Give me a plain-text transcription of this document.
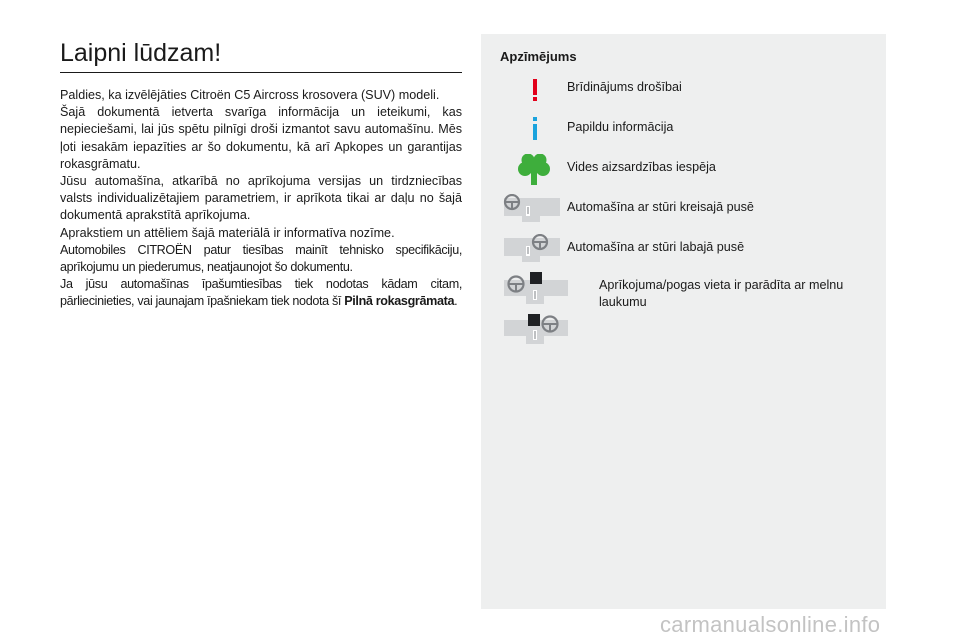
Laipni lūdzam!

Paldies, ka izvēlējāties Citroën C5 Aircross krosovera (SUV) modeli.

Šajā dokumentā ietverta svarīga informācija un ieteikumi, kas nepieciešami, lai jūs spētu pilnīgi droši izmantot savu automašīnu. Mēs ļoti iesakām iepazīties ar šo dokumentu, kā arī Apkopes un garantijas rokasgrāmatu.

Jūsu automašīna, atkarībā no aprīkojuma versijas un tirdzniecības valsts individualizētajiem parametriem, ir aprīkota tikai ar daļu no šajā dokumentā aprakstītā aprīkojuma.

Aprakstiem un attēliem šajā materiālā ir informatīva nozīme.

Automobiles CITROËN patur tiesības mainīt tehnisko specifikāciju, aprīkojumu un piederumus, neatjaunojot šo dokumentu.

Ja jūsu automašīnas īpašumtiesības tiek nodotas kādam citam, pārliecinieties, vai jaunajam īpašniekam tiek nodota šī Pilnā rokasgrāmata.

Apzīmējums
Brīdinājums drošībai
Papildu informācija
Vides aizsardzības iespēja
Automašīna ar stūri kreisajā pusē
Automašīna ar stūri labajā pusē
Aprīkojuma/pogas vieta ir parādīta ar melnu laukumu
carmanualsonline.info
